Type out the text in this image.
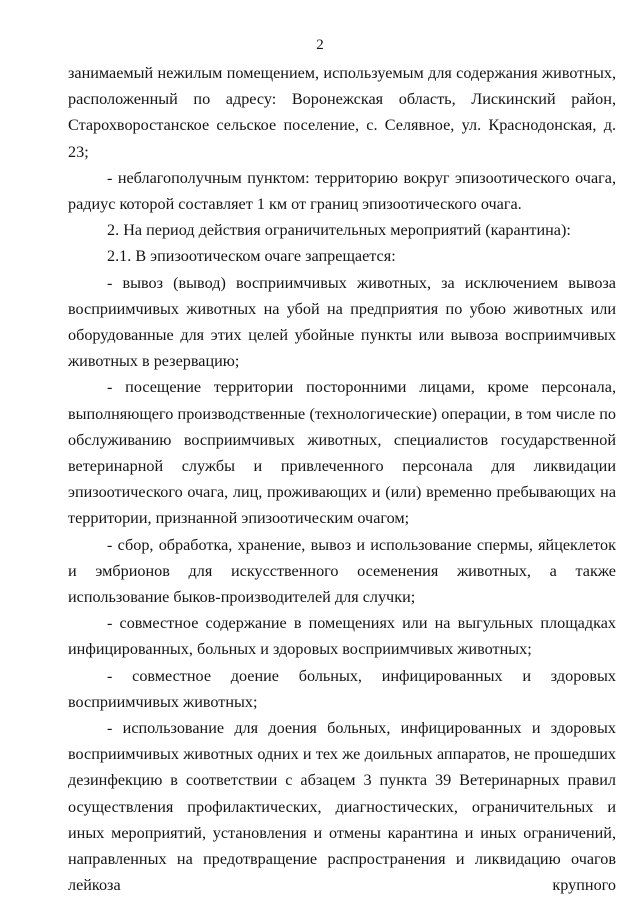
2

занимаемый нежилым помещением, используемым для содержания животных, расположенный по адресу: Воронежская область, Лискинский район, Старохворостанское сельское поселение, с. Селявное, ул. Краснодонская, д. 23;

- неблагополучным пунктом: территорию вокруг эпизоотического очага, радиус которой составляет 1 км от границ эпизоотического очага.

2. На период действия ограничительных мероприятий (карантина):

2.1. В эпизоотическом очаге запрещается:

- вывоз (вывод) восприимчивых животных, за исключением вывоза восприимчивых животных на убой на предприятия по убою животных или оборудованные для этих целей убойные пункты или вывоза восприимчивых животных в резервацию;

- посещение территории посторонними лицами, кроме персонала, выполняющего производственные (технологические) операции, в том числе по обслуживанию восприимчивых животных, специалистов государственной ветеринарной службы и привлеченного персонала для ликвидации эпизоотического очага, лиц, проживающих и (или) временно пребывающих на территории, признанной эпизоотическим очагом;

- сбор, обработка, хранение, вывоз и использование спермы, яйцеклеток и эмбрионов для искусственного осеменения животных, а также использование быков-производителей для случки;

- совместное содержание в помещениях или на выгульных площадках инфицированных, больных и здоровых восприимчивых животных;

- совместное доение больных, инфицированных и здоровых восприимчивых животных;

- использование для доения больных, инфицированных и здоровых восприимчивых животных одних и тех же доильных аппаратов, не прошедших дезинфекцию в соответствии с абзацем 3 пункта 39 Ветеринарных правил осуществления профилактических, диагностических, ограничительных и иных мероприятий, установления и отмены карантина и иных ограничений, направленных на предотвращение распространения и ликвидацию очагов лейкоза крупного
